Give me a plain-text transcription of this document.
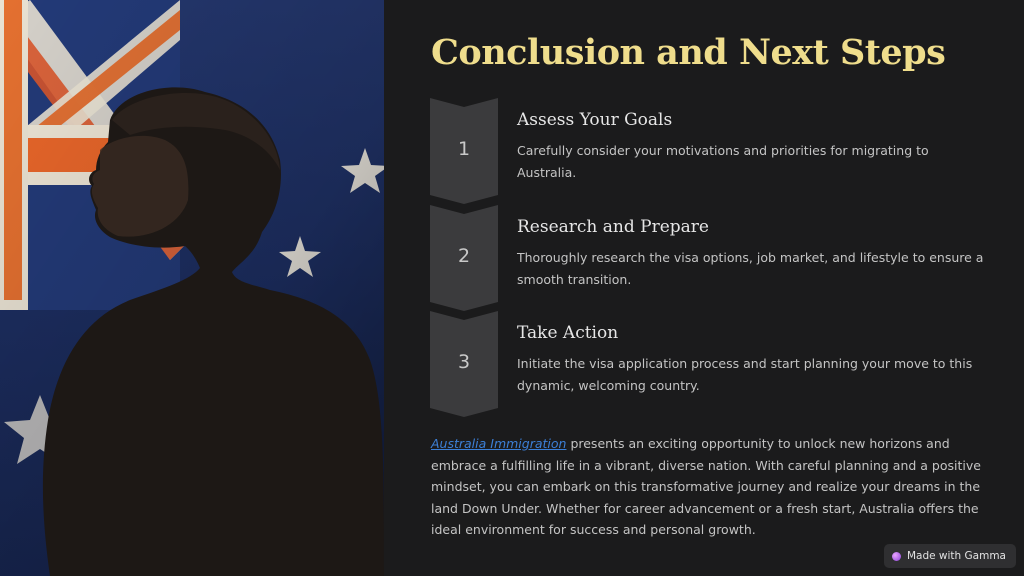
Conclusion and Next Steps
1
Assess Your Goals
Carefully consider your motivations and priorities for migrating to Australia.
2
Research and Prepare
Thoroughly research the visa options, job market, and lifestyle to ensure a smooth transition.
3
Take Action
Initiate the visa application process and start planning your move to this dynamic, welcoming country.

Australia Immigration presents an exciting opportunity to unlock new horizons and embrace a fulfilling life in a vibrant, diverse nation. With careful planning and a positive mindset, you can embark on this transformative journey and realize your dreams in the land Down Under. Whether for career advancement or a fresh start, Australia offers the ideal environment for success and personal growth.

Made with Gamma
